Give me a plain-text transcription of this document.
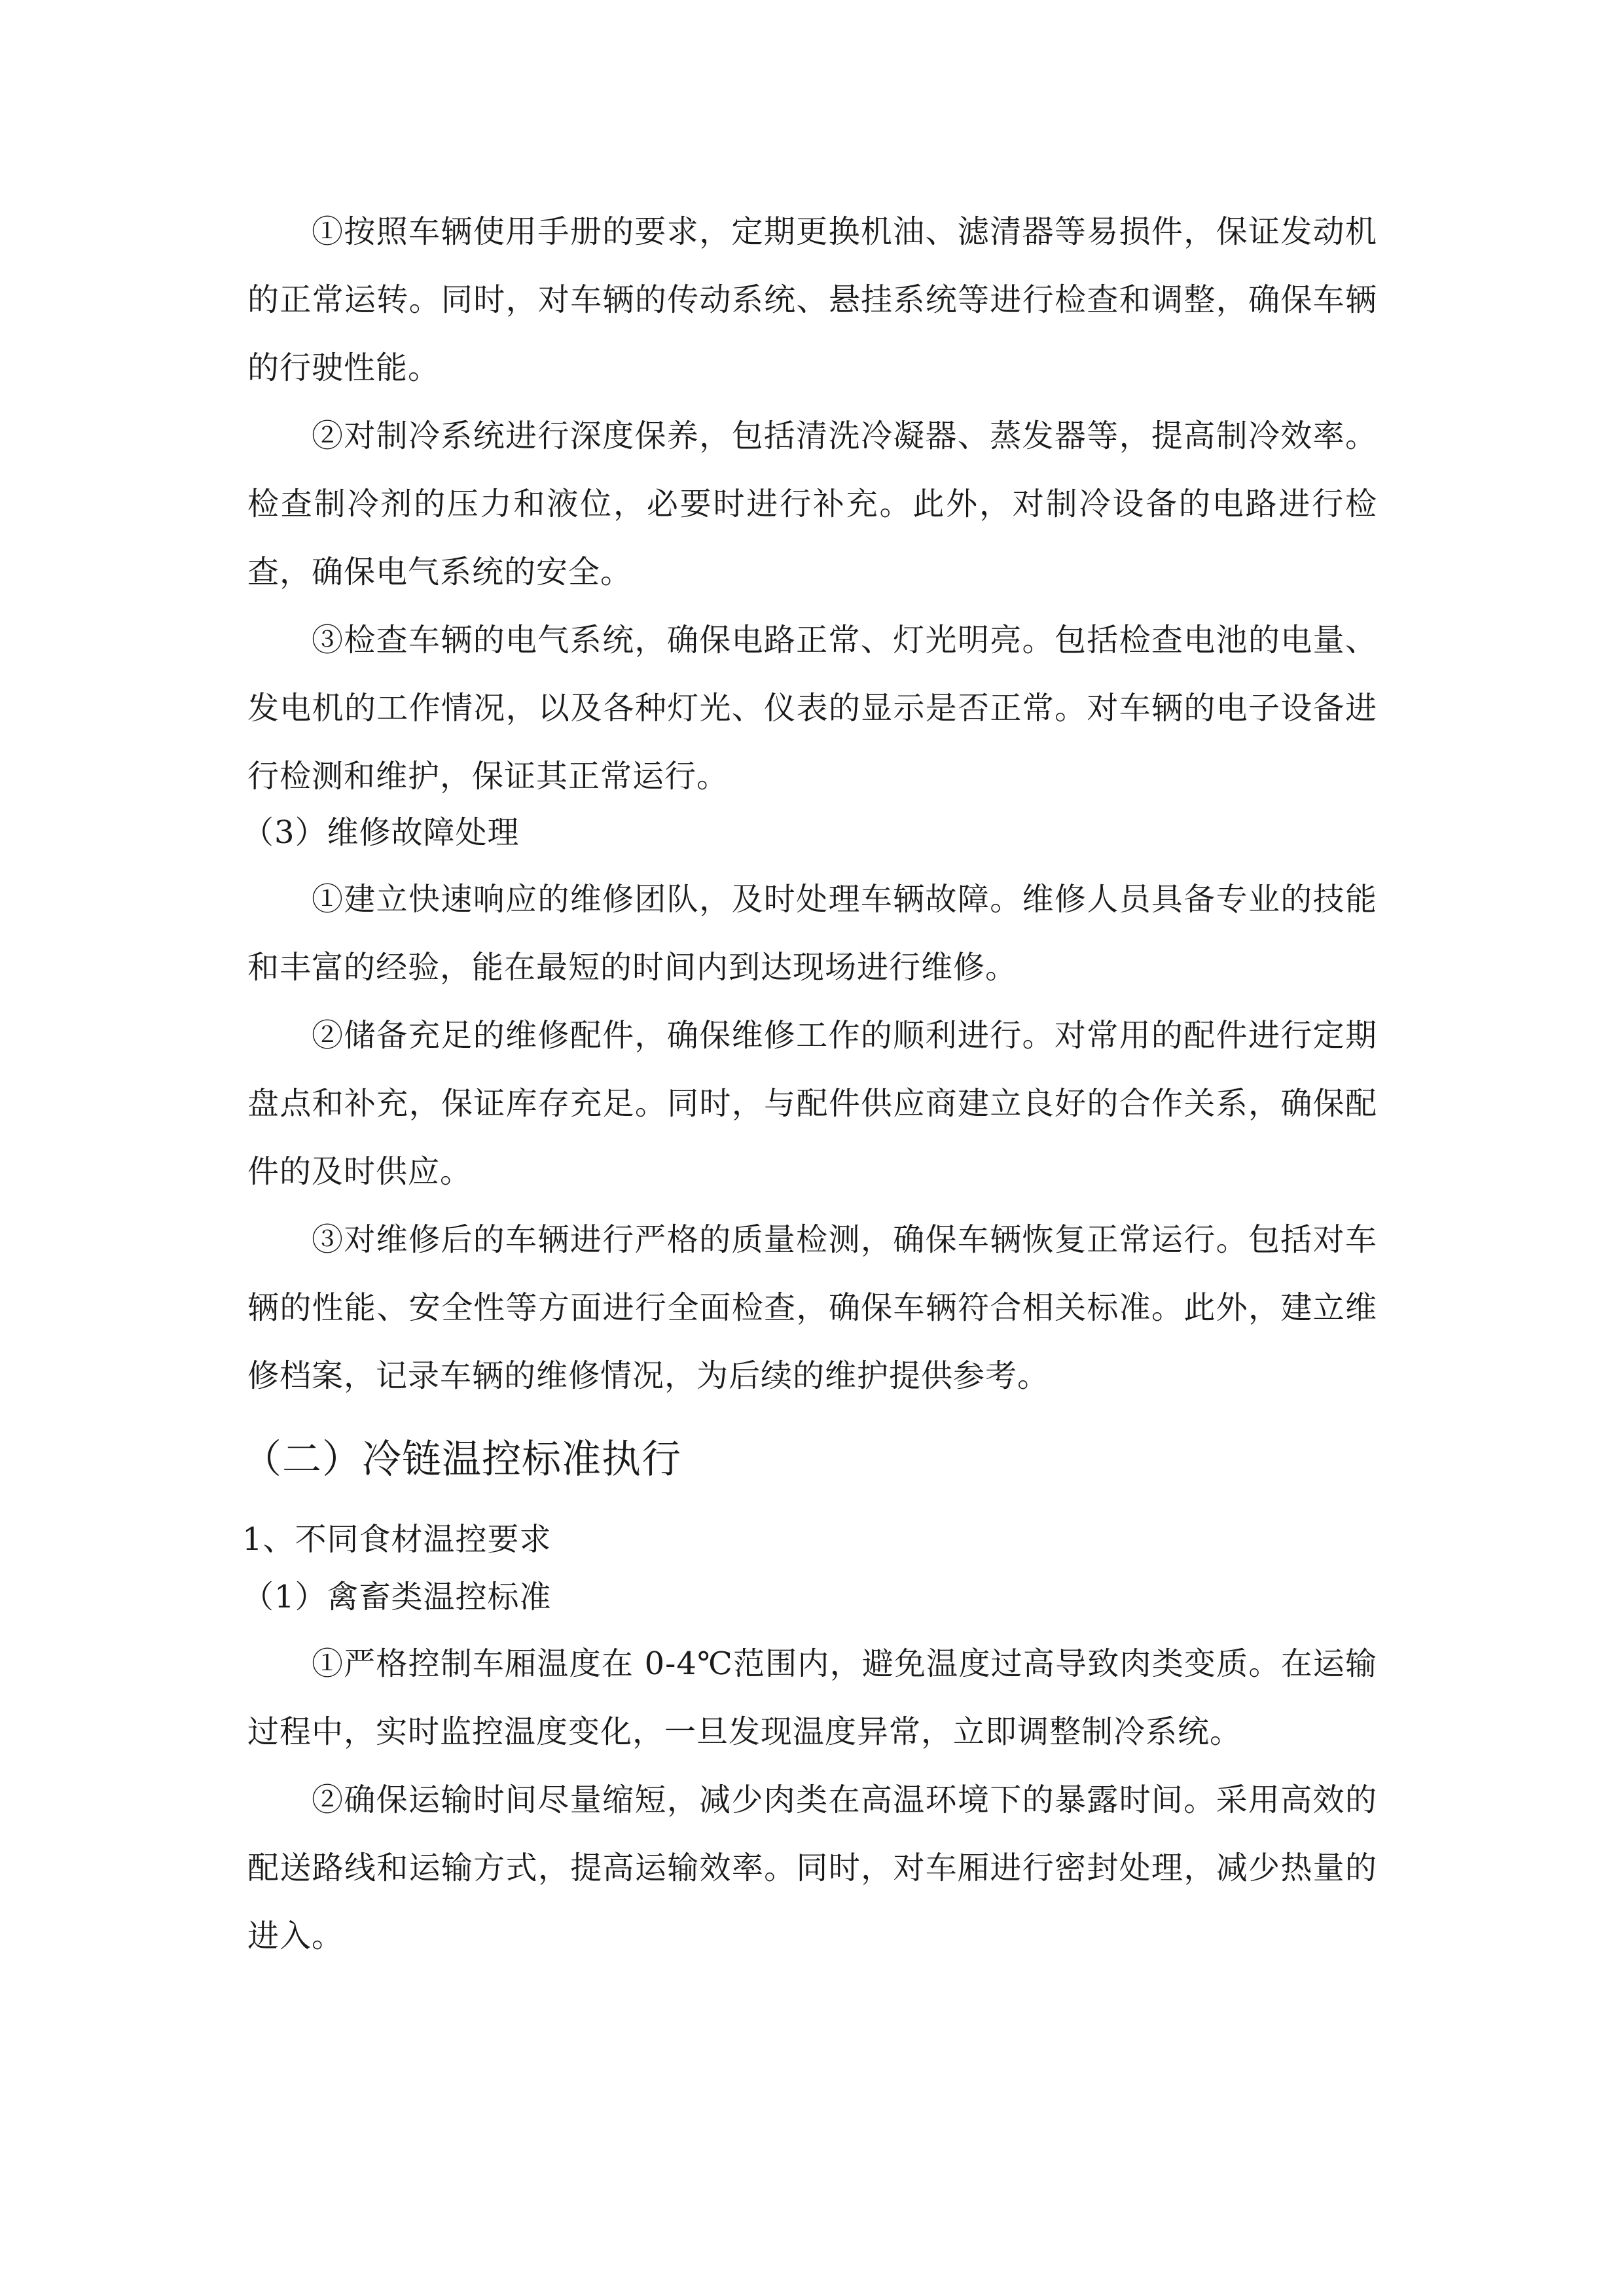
①按照车辆使用手册的要求，定期更换机油、滤清器等易损件，保证发动机的正常运转。同时，对车辆的传动系统、悬挂系统等进行检查和调整，确保车辆的行驶性能。

②对制冷系统进行深度保养，包括清洗冷凝器、蒸发器等，提高制冷效率。检查制冷剂的压力和液位，必要时进行补充。此外，对制冷设备的电路进行检查，确保电气系统的安全。

③检查车辆的电气系统，确保电路正常、灯光明亮。包括检查电池的电量、发电机的工作情况，以及各种灯光、仪表的显示是否正常。对车辆的电子设备进行检测和维护，保证其正常运行。

（3）维修故障处理

①建立快速响应的维修团队，及时处理车辆故障。维修人员具备专业的技能和丰富的经验，能在最短的时间内到达现场进行维修。

②储备充足的维修配件，确保维修工作的顺利进行。对常用的配件进行定期盘点和补充，保证库存充足。同时，与配件供应商建立良好的合作关系，确保配件的及时供应。

③对维修后的车辆进行严格的质量检测，确保车辆恢复正常运行。包括对车辆的性能、安全性等方面进行全面检查，确保车辆符合相关标准。此外，建立维修档案，记录车辆的维修情况，为后续的维护提供参考。

（二）冷链温控标准执行

1、不同食材温控要求

（1）禽畜类温控标准

①严格控制车厢温度在 0-4℃范围内，避免温度过高导致肉类变质。在运输过程中，实时监控温度变化，一旦发现温度异常，立即调整制冷系统。

②确保运输时间尽量缩短，减少肉类在高温环境下的暴露时间。采用高效的配送路线和运输方式，提高运输效率。同时，对车厢进行密封处理，减少热量的进入。
